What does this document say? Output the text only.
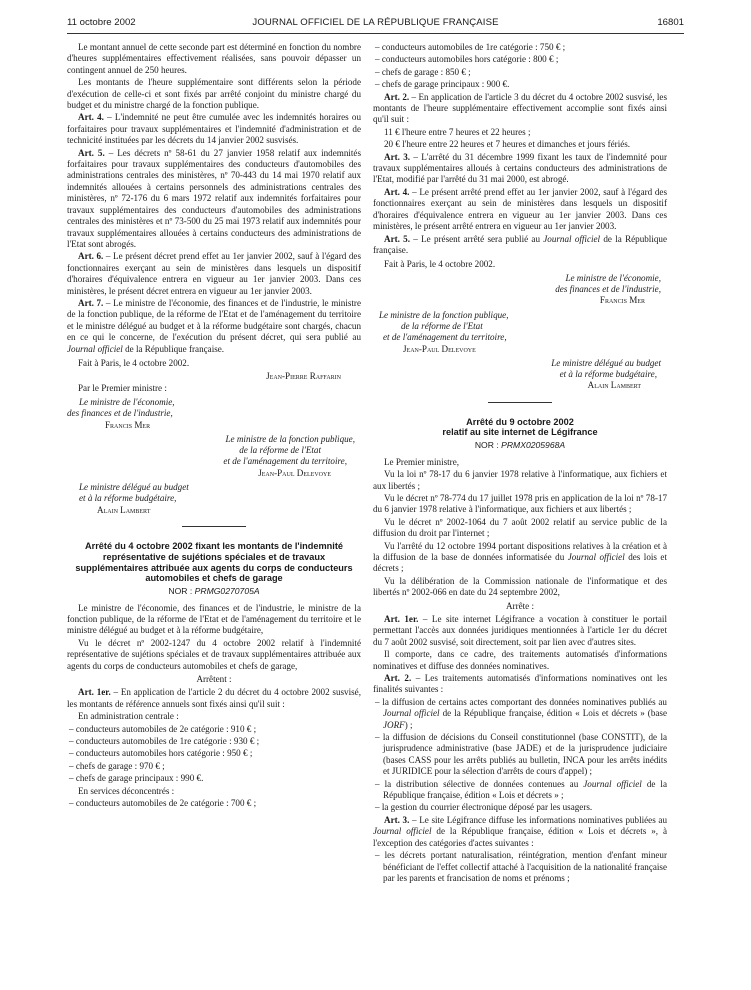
11 octobre 2002	JOURNAL OFFICIEL DE LA RÉPUBLIQUE FRANÇAISE	16801

Le montant annuel de cette seconde part est déterminé en fonction du nombre d'heures supplémentaires effectivement réalisées, sans pouvoir dépasser un contingent annuel de 250 heures.

Les montants de l'heure supplémentaire sont différents selon la période d'exécution de celle-ci et sont fixés par arrêté conjoint du ministre chargé du budget et du ministre chargé de la fonction publique.

Art. 4. – L'indemnité ne peut être cumulée avec les indemnités horaires ou forfaitaires pour travaux supplémentaires et l'indemnité d'administration et de technicité instituées par les décrets du 14 janvier 2002 susvisés.

Art. 5. – Les décrets nº 58-61 du 27 janvier 1958 relatif aux indemnités forfaitaires pour travaux supplémentaires des conducteurs d'automobiles des administrations centrales des ministères, nº 70-443 du 14 mai 1970 relatif aux indemnités allouées à certains personnels des administrations centrales des ministères, nº 72-176 du 6 mars 1972 relatif aux indemnités forfaitaires pour travaux supplémentaires des conducteurs d'automobiles des administrations centrales des ministères et nº 73-500 du 25 mai 1973 relatif aux indemnités pour travaux supplémentaires allouées à certains conducteurs des administrations de l'Etat sont abrogés.

Art. 6. – Le présent décret prend effet au 1er janvier 2002, sauf à l'égard des fonctionnaires exerçant au sein de ministères dans lesquels un dispositif d'horaires d'équivalence entrera en vigueur au 1er janvier 2003. Dans ces ministères, le présent décret entrera en vigueur au 1er janvier 2003.

Art. 7. – Le ministre de l'économie, des finances et de l'industrie, le ministre de la fonction publique, de la réforme de l'Etat et de l'aménagement du territoire et le ministre délégué au budget et à la réforme budgétaire sont chargés, chacun en ce qui le concerne, de l'exécution du présent décret, qui sera publié au Journal officiel de la République française.

Fait à Paris, le 4 octobre 2002.

Jean-Pierre Raffarin
Par le Premier ministre :
Le ministre de l'économie,
des finances et de l'industrie,
Francis Mer
Le ministre de la fonction publique,
de la réforme de l'Etat
et de l'aménagement du territoire,
Jean-Paul Delevoye
Le ministre délégué au budget
et à la réforme budgétaire,
Alain Lambert
Arrêté du 4 octobre 2002 fixant les montants de l'indemnité représentative de sujétions spéciales et de travaux supplémentaires attribuée aux agents du corps de conducteurs automobiles et chefs de garage
NOR : PRMG0270705A

Le ministre de l'économie, des finances et de l'industrie, le ministre de la fonction publique, de la réforme de l'Etat et de l'aménagement du territoire et le ministre délégué au budget et à la réforme budgétaire,

Vu le décret nº 2002-1247 du 4 octobre 2002 relatif à l'indemnité représentative de sujétions spéciales et de travaux supplémentaires attribuée aux agents du corps de conducteurs automobiles et chefs de garage,

Arrêtent :

Art. 1er. – En application de l'article 2 du décret du 4 octobre 2002 susvisé, les montants de référence annuels sont fixés ainsi qu'il suit :

En administration centrale :

– conducteurs automobiles de 2e catégorie : 910 € ;

– conducteurs automobiles de 1re catégorie : 930 € ;

– conducteurs automobiles hors catégorie : 950 € ;

– chefs de garage : 970 € ;

– chefs de garage principaux : 990 €.

En services déconcentrés :

– conducteurs automobiles de 2e catégorie : 700 € ;

– conducteurs automobiles de 1re catégorie : 750 € ;

– conducteurs automobiles hors catégorie : 800 € ;

– chefs de garage : 850 € ;

– chefs de garage principaux : 900 €.

Art. 2. – En application de l'article 3 du décret du 4 octobre 2002 susvisé, les montants de l'heure supplémentaire effectivement accomplie sont fixés ainsi qu'il suit :

11 € l'heure entre 7 heures et 22 heures ;

20 € l'heure entre 22 heures et 7 heures et dimanches et jours fériés.

Art. 3. – L'arrêté du 31 décembre 1999 fixant les taux de l'indemnité pour travaux supplémentaires alloués à certains conducteurs des administrations de l'Etat, modifié par l'arrêté du 31 mai 2000, est abrogé.

Art. 4. – Le présent arrêté prend effet au 1er janvier 2002, sauf à l'égard des fonctionnaires exerçant au sein de ministères dans lesquels un dispositif d'horaires d'équivalence entrera en vigueur au 1er janvier 2003. Dans ces ministères, le présent arrêté entrera en vigueur au 1er janvier 2003.

Art. 5. – Le présent arrêté sera publié au Journal officiel de la République française.

Fait à Paris, le 4 octobre 2002.

Le ministre de l'économie,
des finances et de l'industrie,
Francis Mer
Le ministre de la fonction publique,
de la réforme de l'Etat
et de l'aménagement du territoire,
Jean-Paul Delevoye
Le ministre délégué au budget
et à la réforme budgétaire,
Alain Lambert
Arrêté du 9 octobre 2002
relatif au site internet de Légifrance
NOR : PRMX0205968A

Le Premier ministre,

Vu la loi nº 78-17 du 6 janvier 1978 relative à l'informatique, aux fichiers et aux libertés ;

Vu le décret nº 78-774 du 17 juillet 1978 pris en application de la loi nº 78-17 du 6 janvier 1978 relative à l'informatique, aux fichiers et aux libertés ;

Vu le décret nº 2002-1064 du 7 août 2002 relatif au service public de la diffusion du droit par l'internet ;

Vu l'arrêté du 12 octobre 1994 portant dispositions relatives à la création et à la diffusion de la base de données informatisée du Journal officiel des lois et décrets ;

Vu la délibération de la Commission nationale de l'informatique et des libertés nº 2002-066 en date du 24 septembre 2002,

Arrête :

Art. 1er. – Le site internet Légifrance a vocation à constituer le portail permettant l'accès aux données juridiques mentionnées à l'article 1er du décret du 7 août 2002 susvisé, soit directement, soit par lien avec d'autres sites.

Il comporte, dans ce cadre, des traitements automatisés d'informations nominatives et diffuse des données nominatives.

Art. 2. – Les traitements automatisés d'informations nominatives ont les finalités suivantes :

– la diffusion de certains actes comportant des données nominatives publiés au Journal officiel de la République française, édition « Lois et décrets » (base JORF) ;

– la diffusion de décisions du Conseil constitutionnel (base CONSTIT), de la jurisprudence administrative (base JADE) et de la jurisprudence judiciaire (bases CASS pour les arrêts publiés au bulletin, INCA pour les arrêts inédits et JURIDICE pour la sélection d'arrêts de cours d'appel) ;

– la distribution sélective de données contenues au Journal officiel de la République française, édition « Lois et décrets » ;

– la gestion du courrier électronique déposé par les usagers.

Art. 3. – Le site Légifrance diffuse les informations nominatives publiées au Journal officiel de la République française, édition « Lois et décrets », à l'exception des catégories d'actes suivantes :

– les décrets portant naturalisation, réintégration, mention d'enfant mineur bénéficiant de l'effet collectif attaché à l'acquisition de la nationalité française par les parents et francisation de noms et prénoms ;
